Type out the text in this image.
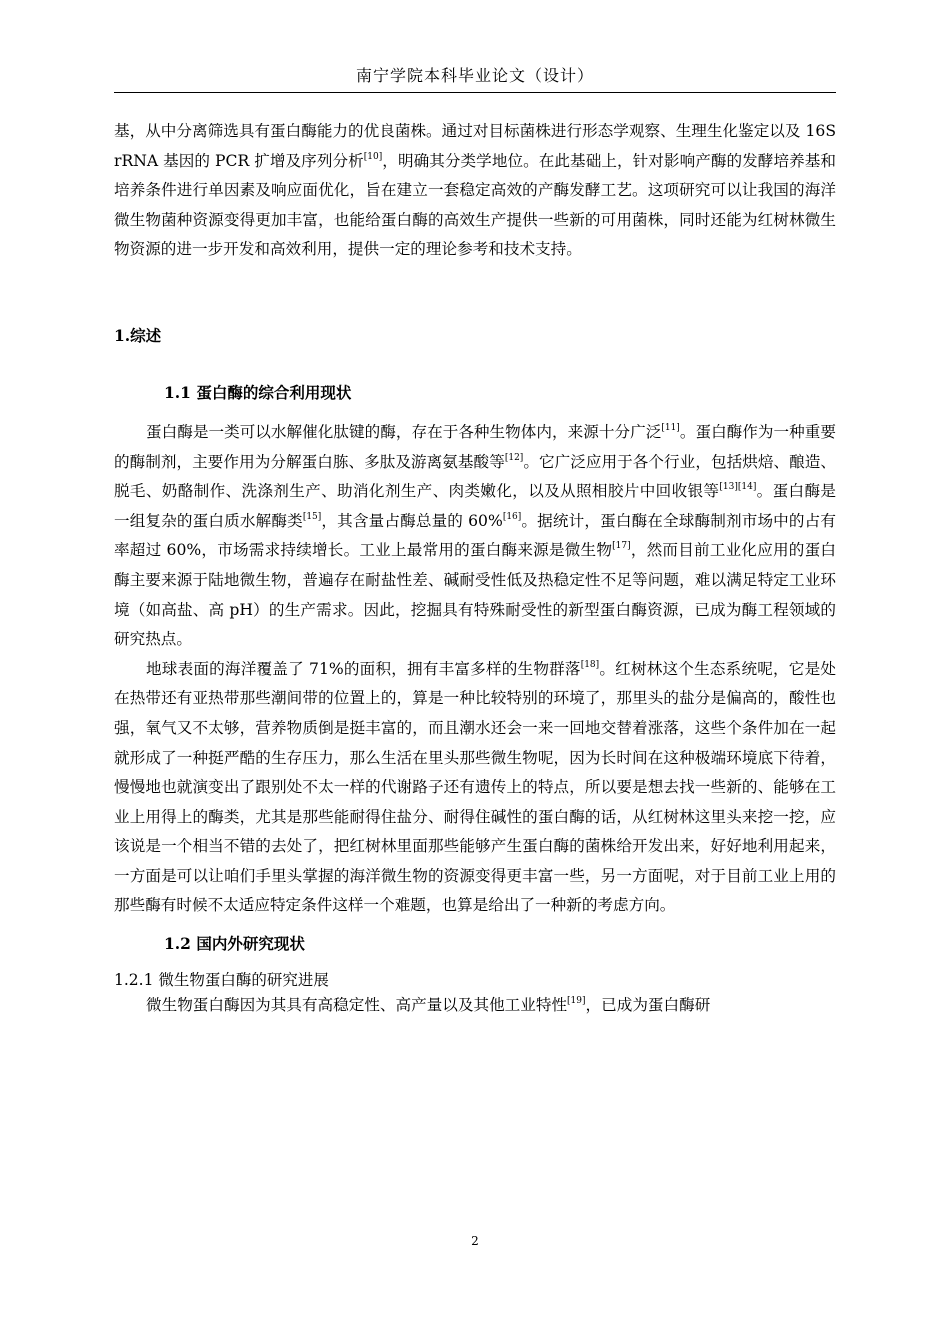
南宁学院本科毕业论文（设计）

基，从中分离筛选具有蛋白酶能力的优良菌株。通过对目标菌株进行形态学观察、生理生化鉴定以及 16S rRNA 基因的 PCR 扩增及序列分析[10]，明确其分类学地位。在此基础上，针对影响产酶的发酵培养基和培养条件进行单因素及响应面优化，旨在建立一套稳定高效的产酶发酵工艺。这项研究可以让我国的海洋微生物菌种资源变得更加丰富，也能给蛋白酶的高效生产提供一些新的可用菌株，同时还能为红树林微生物资源的进一步开发和高效利用，提供一定的理论参考和技术支持。

1.综述

1.1 蛋白酶的综合利用现状

蛋白酶是一类可以水解催化肽键的酶，存在于各种生物体内，来源十分广泛[11]。蛋白酶作为一种重要的酶制剂，主要作用为分解蛋白胨、多肽及游离氨基酸等[12]。它广泛应用于各个行业，包括烘焙、酿造、脱毛、奶酪制作、洗涤剂生产、助消化剂生产、肉类嫩化，以及从照相胶片中回收银等[13][14]。蛋白酶是一组复杂的蛋白质水解酶类[15]，其含量占酶总量的 60%[16]。据统计，蛋白酶在全球酶制剂市场中的占有率超过 60%，市场需求持续增长。工业上最常用的蛋白酶来源是微生物[17]，然而目前工业化应用的蛋白酶主要来源于陆地微生物，普遍存在耐盐性差、碱耐受性低及热稳定性不足等问题，难以满足特定工业环境（如高盐、高 pH）的生产需求。因此，挖掘具有特殊耐受性的新型蛋白酶资源，已成为酶工程领域的研究热点。

地球表面的海洋覆盖了 71%的面积，拥有丰富多样的生物群落[18]。红树林这个生态系统呢，它是处在热带还有亚热带那些潮间带的位置上的，算是一种比较特别的环境了，那里头的盐分是偏高的，酸性也强，氧气又不太够，营养物质倒是挺丰富的，而且潮水还会一来一回地交替着涨落，这些个条件加在一起就形成了一种挺严酷的生存压力，那么生活在里头那些微生物呢，因为长时间在这种极端环境底下待着，慢慢地也就演变出了跟别处不太一样的代谢路子还有遗传上的特点，所以要是想去找一些新的、能够在工业上用得上的酶类，尤其是那些能耐得住盐分、耐得住碱性的蛋白酶的话，从红树林这里头来挖一挖，应该说是一个相当不错的去处了，把红树林里面那些能够产生蛋白酶的菌株给开发出来，好好地利用起来，一方面是可以让咱们手里头掌握的海洋微生物的资源变得更丰富一些，另一方面呢，对于目前工业上用的那些酶有时候不太适应特定条件这样一个难题，也算是给出了一种新的考虑方向。

1.2 国内外研究现状

1.2.1 微生物蛋白酶的研究进展

微生物蛋白酶因为其具有高稳定性、高产量以及其他工业特性[19]，已成为蛋白酶研

2
